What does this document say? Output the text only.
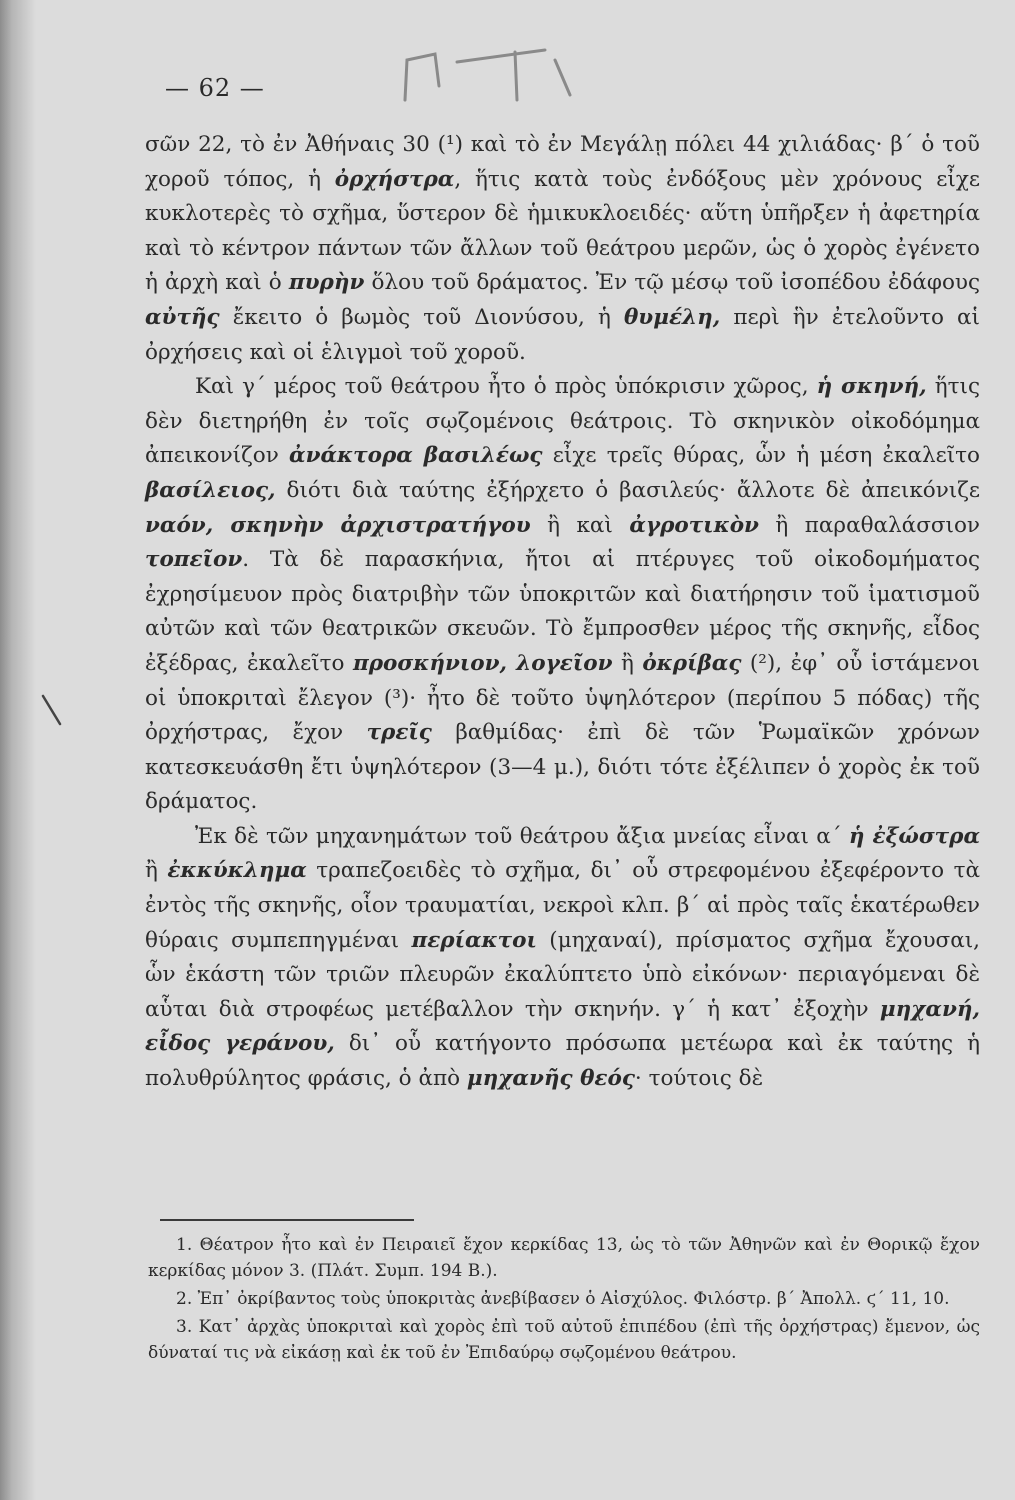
— 62 —

σῶν 22, τὸ ἐν Ἀθήναις 30 (¹) καὶ τὸ ἐν Μεγάλῃ πόλει 44 χιλιάδας· β΄ ὁ τοῦ χοροῦ τόπος, ἡ ὀρχήστρα, ἥτις κατὰ τοὺς ἐνδόξους μὲν χρόνους εἶχε κυκλοτερὲς τὸ σχῆμα, ὕστερον δὲ ἡμικυκλοειδές· αὕτη ὑπῆρξεν ἡ ἀφετηρία καὶ τὸ κέντρον πάντων τῶν ἄλλων τοῦ θεάτρου μερῶν, ὡς ὁ χορὸς ἐγένετο ἡ ἀρχὴ καὶ ὁ πυρὴν ὅλου τοῦ δράματος. Ἐν τῷ μέσῳ τοῦ ἰσοπέδου ἐδάφους αὐτῆς ἔκειτο ὁ βωμὸς τοῦ Διονύσου, ἡ θυμέλη, περὶ ἣν ἐτελοῦντο αἱ ὀρχήσεις καὶ οἱ ἑλιγμοὶ τοῦ χοροῦ.

Καὶ γ΄ μέρος τοῦ θεάτρου ἦτο ὁ πρὸς ὑπόκρισιν χῶρος, ἡ σκηνή, ἥτις δὲν διετηρήθη ἐν τοῖς σῳζομένοις θεάτροις. Τὸ σκηνικὸν οἰκοδόμημα ἀπεικονίζον ἀνάκτορα βασιλέως εἶχε τρεῖς θύρας, ὧν ἡ μέση ἐκαλεῖτο βασίλειος, διότι διὰ ταύτης ἐξήρχετο ὁ βασιλεύς· ἄλλοτε δὲ ἀπεικόνιζε ναόν, σκηνὴν ἀρχιστρατήγου ἢ καὶ ἀγροτικὸν ἢ παραθαλάσσιον τοπεῖον. Τὰ δὲ παρασκήνια, ἤτοι αἱ πτέρυγες τοῦ οἰκοδομήματος ἐχρησίμευον πρὸς διατριβὴν τῶν ὑποκριτῶν καὶ διατήρησιν τοῦ ἱματισμοῦ αὐτῶν καὶ τῶν θεατρικῶν σκευῶν. Τὸ ἔμπροσθεν μέρος τῆς σκηνῆς, εἶδος ἐξέδρας, ἐκαλεῖτο προσκήνιον, λογεῖον ἢ ὀκρίβας (²), ἐφ᾽ οὗ ἱστάμενοι οἱ ὑποκριταὶ ἔλεγον (³)· ἦτο δὲ τοῦτο ὑψηλότερον (περίπου 5 πόδας) τῆς ὀρχήστρας, ἔχον τρεῖς βαθμίδας· ἐπὶ δὲ τῶν Ῥωμαϊκῶν χρόνων κατεσκευάσθη ἔτι ὑψηλότερον (3—4 μ.), διότι τότε ἐξέλιπεν ὁ χορὸς ἐκ τοῦ δράματος.

Ἐκ δὲ τῶν μηχανημάτων τοῦ θεάτρου ἄξια μνείας εἶναι α΄ ἡ ἐξώστρα ἢ ἐκκύκλημα τραπεζοειδὲς τὸ σχῆμα, δι᾽ οὗ στρεφομένου ἐξεφέροντο τὰ ἐντὸς τῆς σκηνῆς, οἷον τραυματίαι, νεκροὶ κλπ. β΄ αἱ πρὸς ταῖς ἑκατέρωθεν θύραις συμπεπηγμέναι περίακτοι (μηχαναί), πρίσματος σχῆμα ἔχουσαι, ὧν ἑκάστη τῶν τριῶν πλευρῶν ἐκαλύπτετο ὑπὸ εἰκόνων· περιαγόμεναι δὲ αὗται διὰ στροφέως μετέβαλλον τὴν σκηνήν. γ΄ ἡ κατ᾽ ἐξοχὴν μηχανή, εἶδος γεράνου, δι᾽ οὗ κατήγοντο πρόσωπα μετέωρα καὶ ἐκ ταύτης ἡ πολυθρύλητος φράσις, ὁ ἀπὸ μηχανῆς θεός· τούτοις δὲ

1. Θέατρον ἦτο καὶ ἐν Πειραιεῖ ἔχον κερκίδας 13, ὡς τὸ τῶν Ἀθηνῶν καὶ ἐν Θορικῷ ἔχον κερκίδας μόνον 3. (Πλάτ. Συμπ. 194 Β.).

2. Ἐπ᾽ ὀκρίβαντος τοὺς ὑποκριτὰς ἀνεβίβασεν ὁ Αἰσχύλος. Φιλόστρ. β΄ Ἀπολλ. ϛ΄ 11, 10.

3. Κατ᾽ ἀρχὰς ὑποκριταὶ καὶ χορὸς ἐπὶ τοῦ αὐτοῦ ἐπιπέδου (ἐπὶ τῆς ὀρχήστρας) ἔμενον, ὡς δύναταί τις νὰ εἰκάσῃ καὶ ἐκ τοῦ ἐν Ἐπιδαύρῳ σῳζομένου θεάτρου.
